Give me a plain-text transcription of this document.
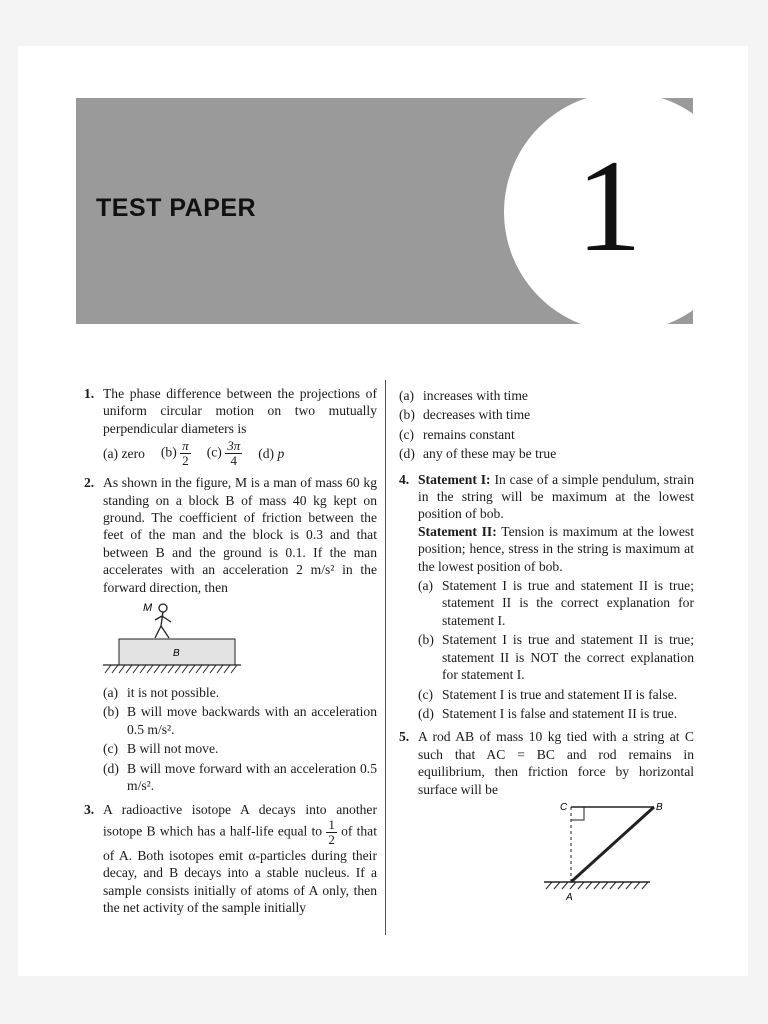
TEST PAPER 1
1. The phase difference between the projections of uniform circular motion on two mutually perpendicular diameters is
(a) zero $(b) \frac{\pi}{2} (c) \frac{3\pi}{4} (d)$ p
2. As shown in the figure, M is a man of mass 60 kg standing on a block B of mass 40 kg kept on ground. The coefficient of friction between the feet of the man and the block is 0.3 and that between B and the ground is 0.1. If the man accelerates with an acceleration 2 m/s² in the forward direction, then
M
B
(a) it is not possible.
(b) B will move backwards with an acceleration 0.5 m/s².
(c) B will not move.
(d) B will move forward with an acceleration 0.5 m/s².
3. A radioactive isotope A decays into another isotope B which has a half-life equal to $\frac{1}{2}$ of that of A. Both isotopes emit α-particles during their decay, and B decays into a stable nucleus. If a sample consists initially of atoms of A only, then the net activity of the sample initially
(a) increases with time
(b) decreases with time
(c) remains constant
(d) any of these may be true
4. Statement I: In case of a simple pendulum, strain in the string will be maximum at the lowest position of bob.
Statement II: Tension is maximum at the lowest position; hence, stress in the string is maximum at the lowest position of bob.
(a) Statement I is true and statement II is true; statement II is the correct explanation for statement I.
(b) Statement I is true and statement II is true; statement II is NOT the correct explanation for statement I.
(c) Statement I is true and statement II is false.
(d) Statement I is false and statement II is true.
5. A rod AB of mass 10 kg tied with a string at C such that AC = BC and rod remains in equilibrium, then friction force by horizontal surface will be
C	B
A
